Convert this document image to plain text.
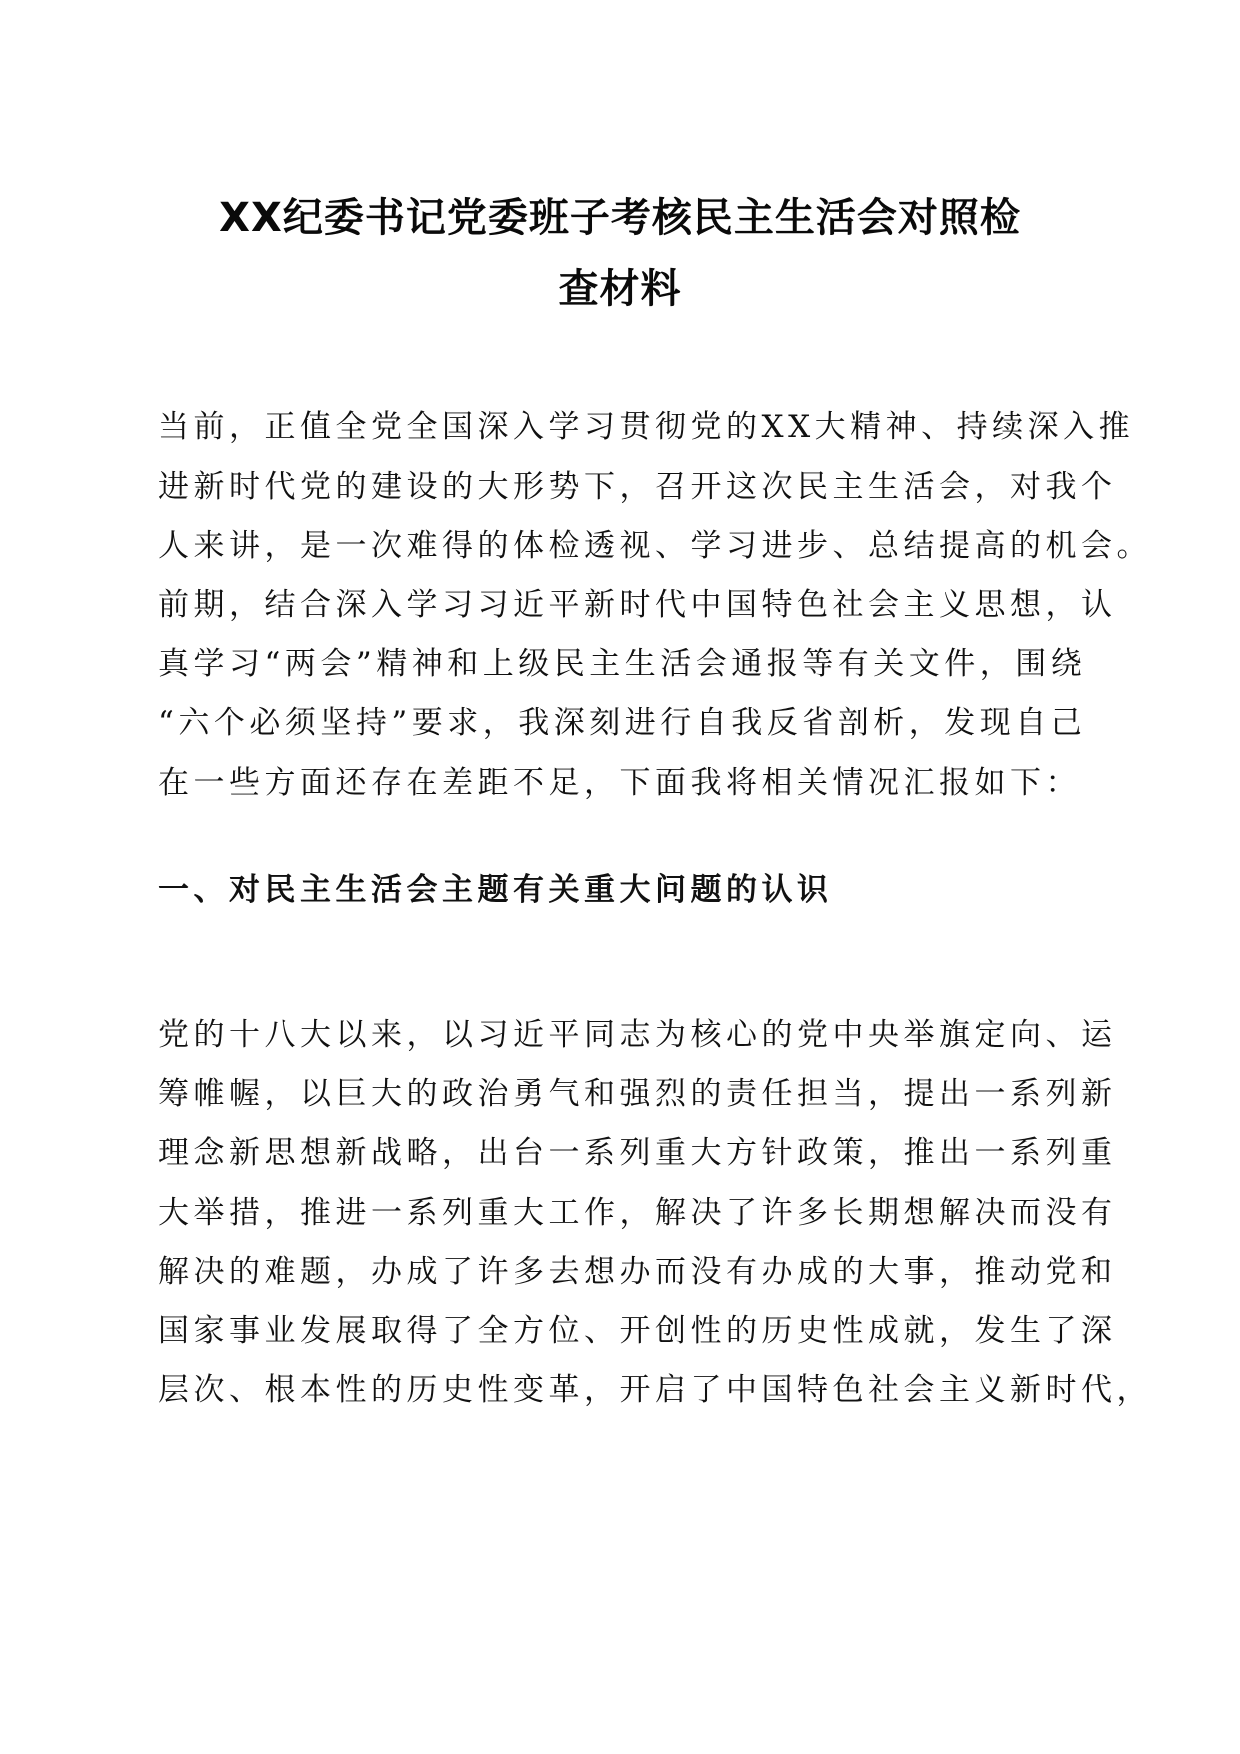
XX纪委书记党委班子考核民主生活会对照检
查材料
当前，正值全党全国深入学习贯彻党的XX大精神、持续深入推
进新时代党的建设的大形势下，召开这次民主生活会，对我个
人来讲，是一次难得的体检透视、学习进步、总结提高的机会。
前期，结合深入学习习近平新时代中国特色社会主义思想，认
真学习“两会”精神和上级民主生活会通报等有关文件，围绕
“六个必须坚持”要求，我深刻进行自我反省剖析，发现自己
在一些方面还存在差距不足，下面我将相关情况汇报如下：
一、对民主生活会主题有关重大问题的认识
党的十八大以来，以习近平同志为核心的党中央举旗定向、运
筹帷幄，以巨大的政治勇气和强烈的责任担当，提出一系列新
理念新思想新战略，出台一系列重大方针政策，推出一系列重
大举措，推进一系列重大工作，解决了许多长期想解决而没有
解决的难题，办成了许多去想办而没有办成的大事，推动党和
国家事业发展取得了全方位、开创性的历史性成就，发生了深
层次、根本性的历史性变革，开启了中国特色社会主义新时代，
